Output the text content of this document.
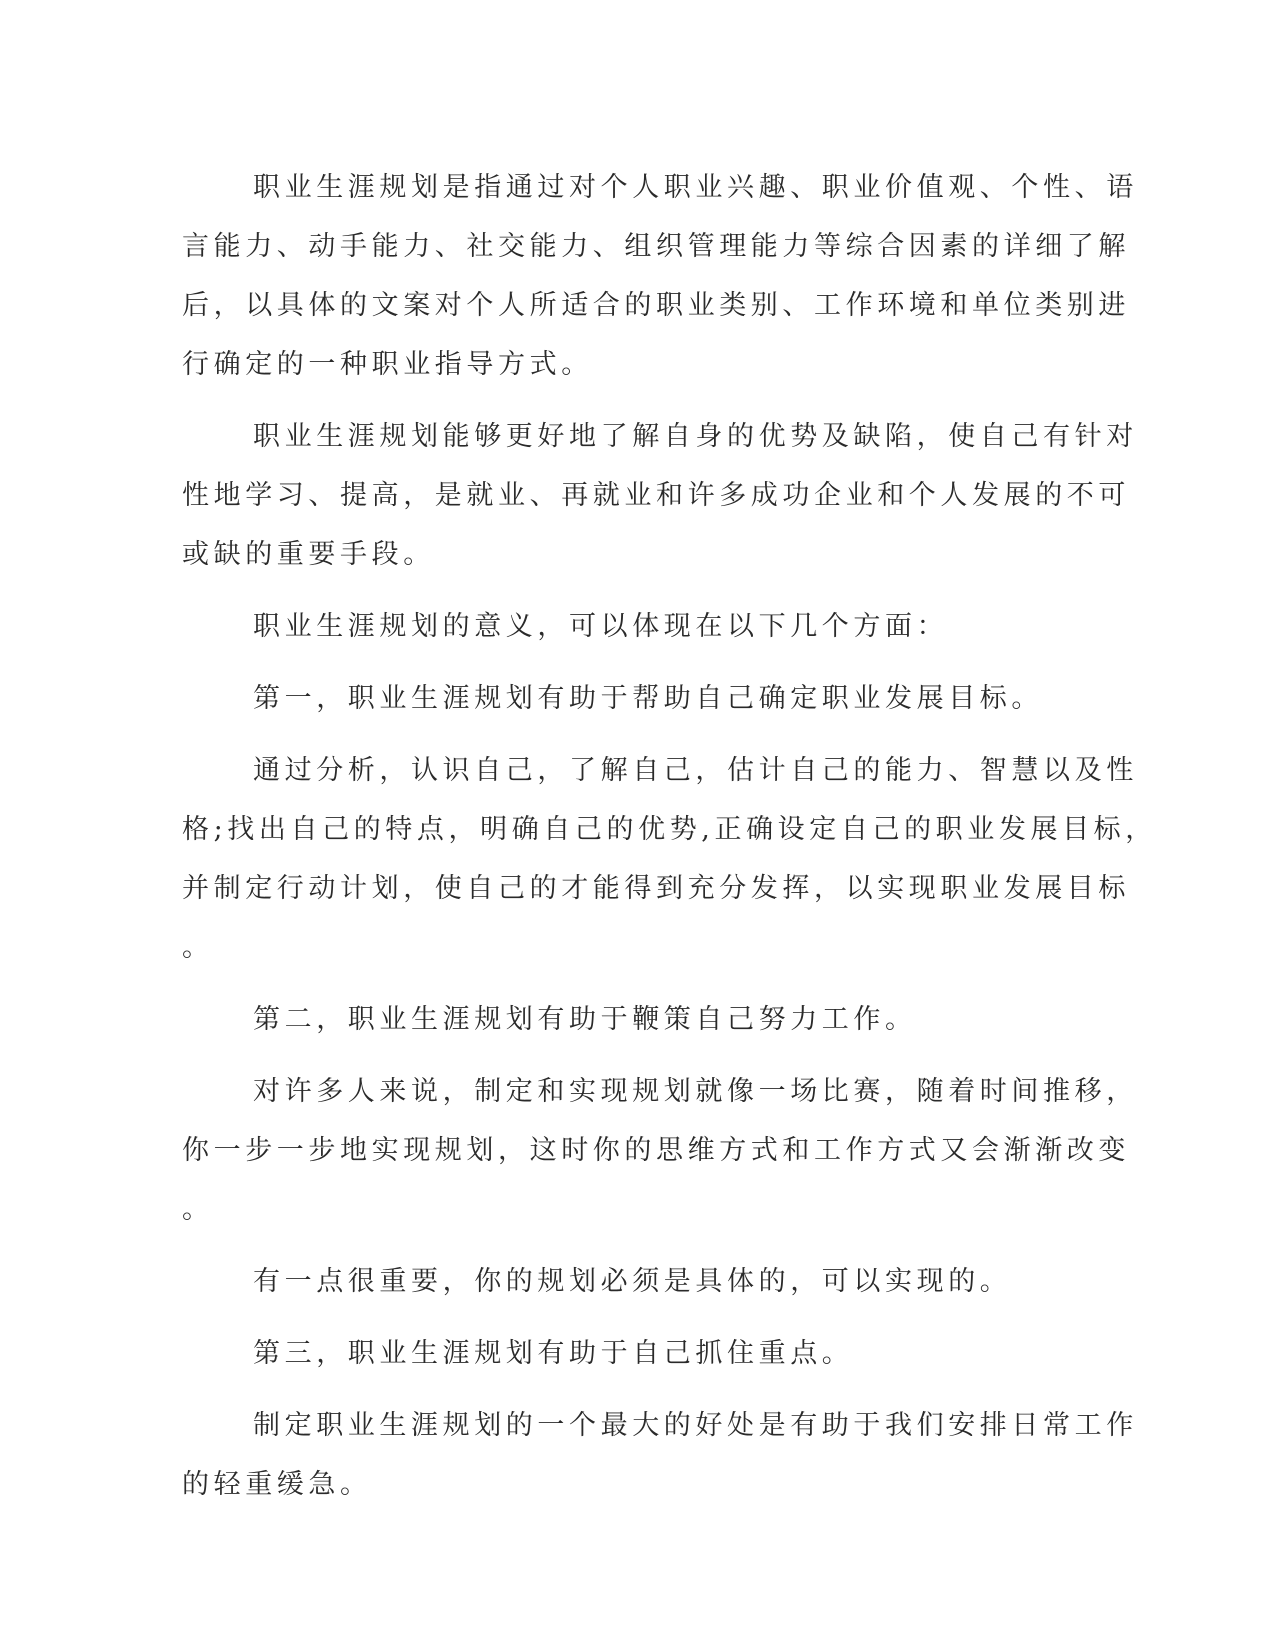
职业生涯规划是指通过对个人职业兴趣、职业价值观、个性、语
言能力、动手能力、社交能力、组织管理能力等综合因素的详细了解
后，以具体的文案对个人所适合的职业类别、工作环境和单位类别进
行确定的一种职业指导方式。
职业生涯规划能够更好地了解自身的优势及缺陷，使自己有针对
性地学习、提高，是就业、再就业和许多成功企业和个人发展的不可
或缺的重要手段。
职业生涯规划的意义，可以体现在以下几个方面：
第一，职业生涯规划有助于帮助自己确定职业发展目标。
通过分析，认识自己，了解自己，估计自己的能力、智慧以及性
格;找出自己的特点，明确自己的优势,正确设定自己的职业发展目标，
并制定行动计划，使自己的才能得到充分发挥，以实现职业发展目标
。
第二，职业生涯规划有助于鞭策自己努力工作。
对许多人来说，制定和实现规划就像一场比赛，随着时间推移，
你一步一步地实现规划，这时你的思维方式和工作方式又会渐渐改变
。
有一点很重要，你的规划必须是具体的，可以实现的。
第三，职业生涯规划有助于自己抓住重点。
制定职业生涯规划的一个最大的好处是有助于我们安排日常工作
的轻重缓急。
